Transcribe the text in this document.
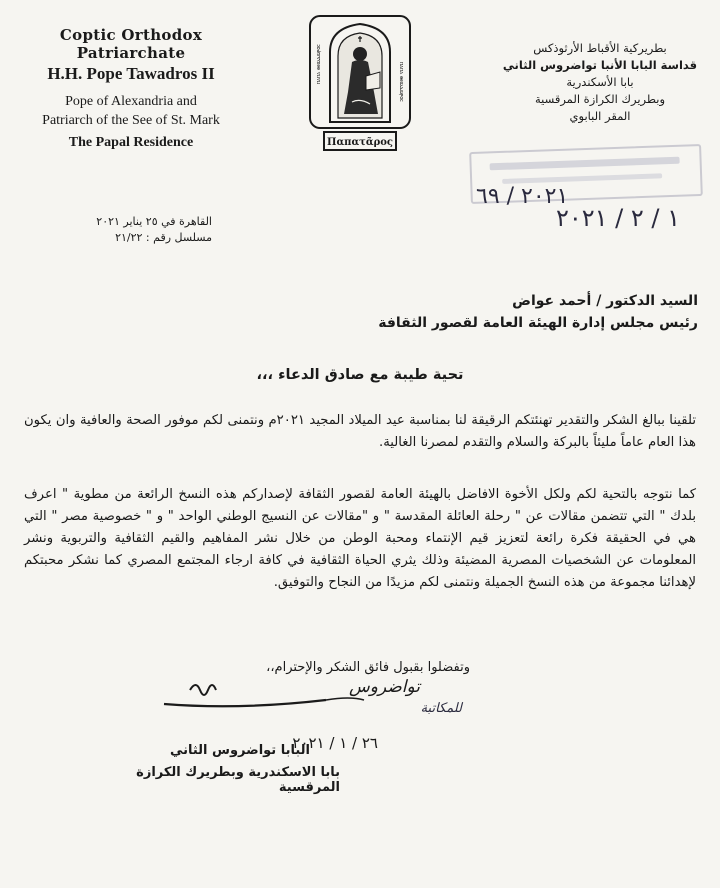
Coptic Orthodox Patriarchate
H.H. Pope Tawadros II
Pope of Alexandria and
Patriarch of the See of St. Mark
The Papal Residence
ⲡⲁⲡⲁ ⲑⲉⲱⲇⲱⲣⲟⲥ	ⲡⲁⲡⲁ ⲑⲉⲱⲇⲱⲣⲟⲥ
Παπατᾶρος
بطريركية الأقباط الأرثوذكس
قداسة البابا الأنبا تواضروس الثاني
بابا الأسكندرية
وبطريرك الكرازة المرقسية
المقر البابوي
٢٠٢١ / ٦٩
١ / ٢ / ٢٠٢١
القاهرة في ٢٥ يناير ٢٠٢١
مسلسل رقم : ٢١/٢٢
السيد الدكتور / أحمد عواض
رئيس مجلس إدارة الهيئة العامة لقصور الثقافة
تحية طيبة مع صادق الدعاء ،،،

تلقينا ببالغ الشكر والتقدير تهنئتكم الرقيقة لنا بمناسبة عيد الميلاد المجيد ٢٠٢١م ونتمنى لكم موفور الصحة والعافية وان يكون هذا العام عاماً مليئاً بالبركة والسلام والتقدم لمصرنا الغالية.

كما نتوجه بالتحية لكم ولكل الأخوة الافاضل بالهيئة العامة لقصور الثقافة لإصداركم هذه النسخ الرائعة من مطوية " اعرف بلدك " التي تتضمن مقالات عن " رحلة العائلة المقدسة " و "مقالات عن النسيج الوطني الواحد " و " خصوصية مصر " التي هي في الحقيقة فكرة رائعة لتعزيز قيم الإنتماء ومحبة الوطن من خلال نشر المفاهيم والقيم الثقافية والتربوية ونشر المعلومات عن الشخصيات المصرية المضيئة وذلك يثري الحياة الثقافية في كافة ارجاء المجتمع المصري كما نشكر محبتكم لإهدائنا مجموعة من هذه النسخ الجميلة ونتمنى لكم مزيدًا من النجاح والتوفيق.

وتفضلوا بقبول فائق الشكر والإحترام،،
تواضروس
للمكاتبة
٢٦ / ١ / ٢٠٢١
البابا تواضروس الثاني
بابا الاسكندرية وبطريرك الكرازة المرقسية
